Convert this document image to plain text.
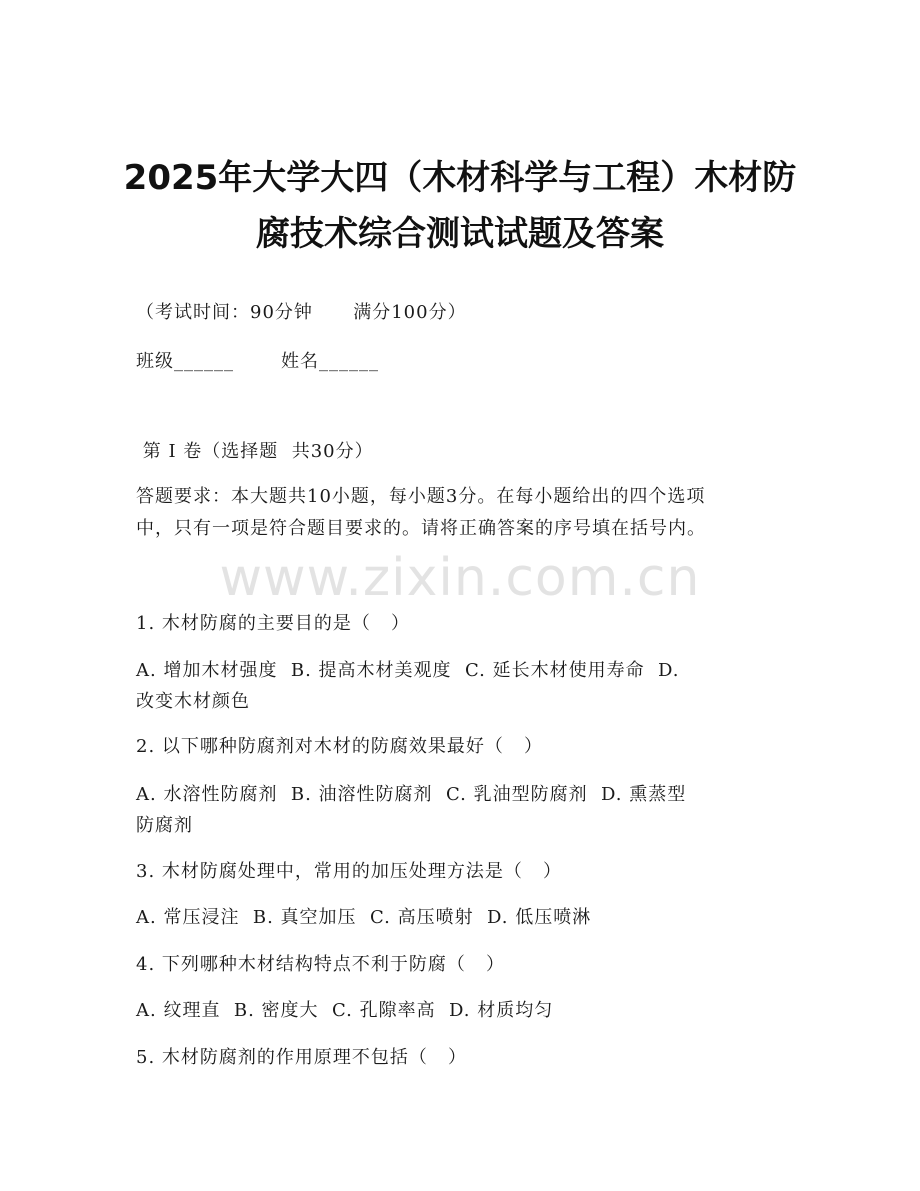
2025年大学大四（木材科学与工程）木材防
腐技术综合测试试题及答案
（考试时间：90分钟      满分100分）
班级______       姓名______
第 I 卷（选择题  共30分）
答题要求：本大题共10小题，每小题3分。在每小题给出的四个选项
中，只有一项是符合题目要求的。请将正确答案的序号填在括号内。
www.zixin.com.cn
1. 木材防腐的主要目的是（   ）
A. 增加木材强度  B. 提高木材美观度  C. 延长木材使用寿命  D.
改变木材颜色
2. 以下哪种防腐剂对木材的防腐效果最好（   ）
A. 水溶性防腐剂  B. 油溶性防腐剂  C. 乳油型防腐剂  D. 熏蒸型
防腐剂
3. 木材防腐处理中，常用的加压处理方法是（   ）
A. 常压浸注  B. 真空加压  C. 高压喷射  D. 低压喷淋
4. 下列哪种木材结构特点不利于防腐（   ）
A. 纹理直  B. 密度大  C. 孔隙率高  D. 材质均匀
5. 木材防腐剂的作用原理不包括（   ）
